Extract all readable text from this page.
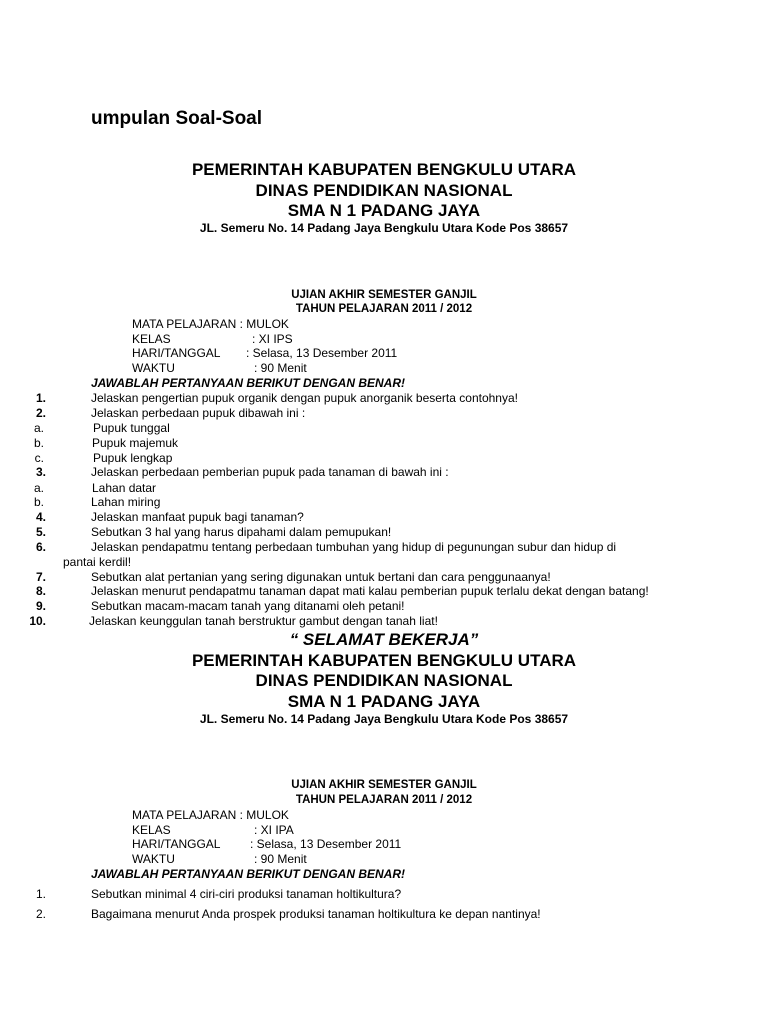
umpulan Soal-Soal
PEMERINTAH KABUPATEN BENGKULU UTARA
DINAS PENDIDIKAN NASIONAL
SMA N 1 PADANG JAYA
JL. Semeru No. 14 Padang Jaya Bengkulu Utara Kode Pos 38657
UJIAN AKHIR SEMESTER GANJIL
TAHUN PELAJARAN 2011 / 2012
MATA PELAJARAN : MULOK
KELAS	: XI IPS
HARI/TANGGAL : Selasa, 13 Desember 2011
WAKTU	: 90 Menit
JAWABLAH PERTANYAAN BERIKUT DENGAN BENAR!
1.	Jelaskan pengertian pupuk organik dengan pupuk anorganik beserta contohnya!
2.	Jelaskan perbedaan pupuk dibawah ini :
a.	Pupuk tunggal
b.	Pupuk majemuk
c.	Pupuk lengkap
3.	Jelaskan perbedaan pemberian pupuk pada tanaman di bawah ini :
a.	Lahan datar
b.	Lahan miring
4.	Jelaskan manfaat pupuk bagi tanaman?
5.	Sebutkan 3 hal yang harus dipahami dalam pemupukan!
6.	Jelaskan pendapatmu tentang perbedaan tumbuhan yang hidup di pegunungan subur dan hidup di
pantai kerdil!
7.	Sebutkan alat pertanian yang sering digunakan untuk bertani dan cara penggunaanya!
8.	Jelaskan menurut pendapatmu tanaman dapat mati kalau pemberian pupuk terlalu dekat dengan batang!
9.	Sebutkan macam-macam tanah yang ditanami oleh petani!
10.	Jelaskan keunggulan tanah berstruktur gambut dengan tanah liat!
“ SELAMAT BEKERJA”
PEMERINTAH KABUPATEN BENGKULU UTARA
DINAS PENDIDIKAN NASIONAL
SMA N 1 PADANG JAYA
JL. Semeru No. 14 Padang Jaya Bengkulu Utara Kode Pos 38657
UJIAN AKHIR SEMESTER GANJIL
TAHUN PELAJARAN 2011 / 2012
MATA PELAJARAN : MULOK
KELAS	: XI IPA
HARI/TANGGAL : Selasa, 13 Desember 2011
WAKTU	: 90 Menit
JAWABLAH PERTANYAAN BERIKUT DENGAN BENAR!
1.	Sebutkan minimal 4 ciri-ciri produksi tanaman holtikultura?
2.	Bagaimana menurut Anda prospek produksi tanaman holtikultura ke depan nantinya!
